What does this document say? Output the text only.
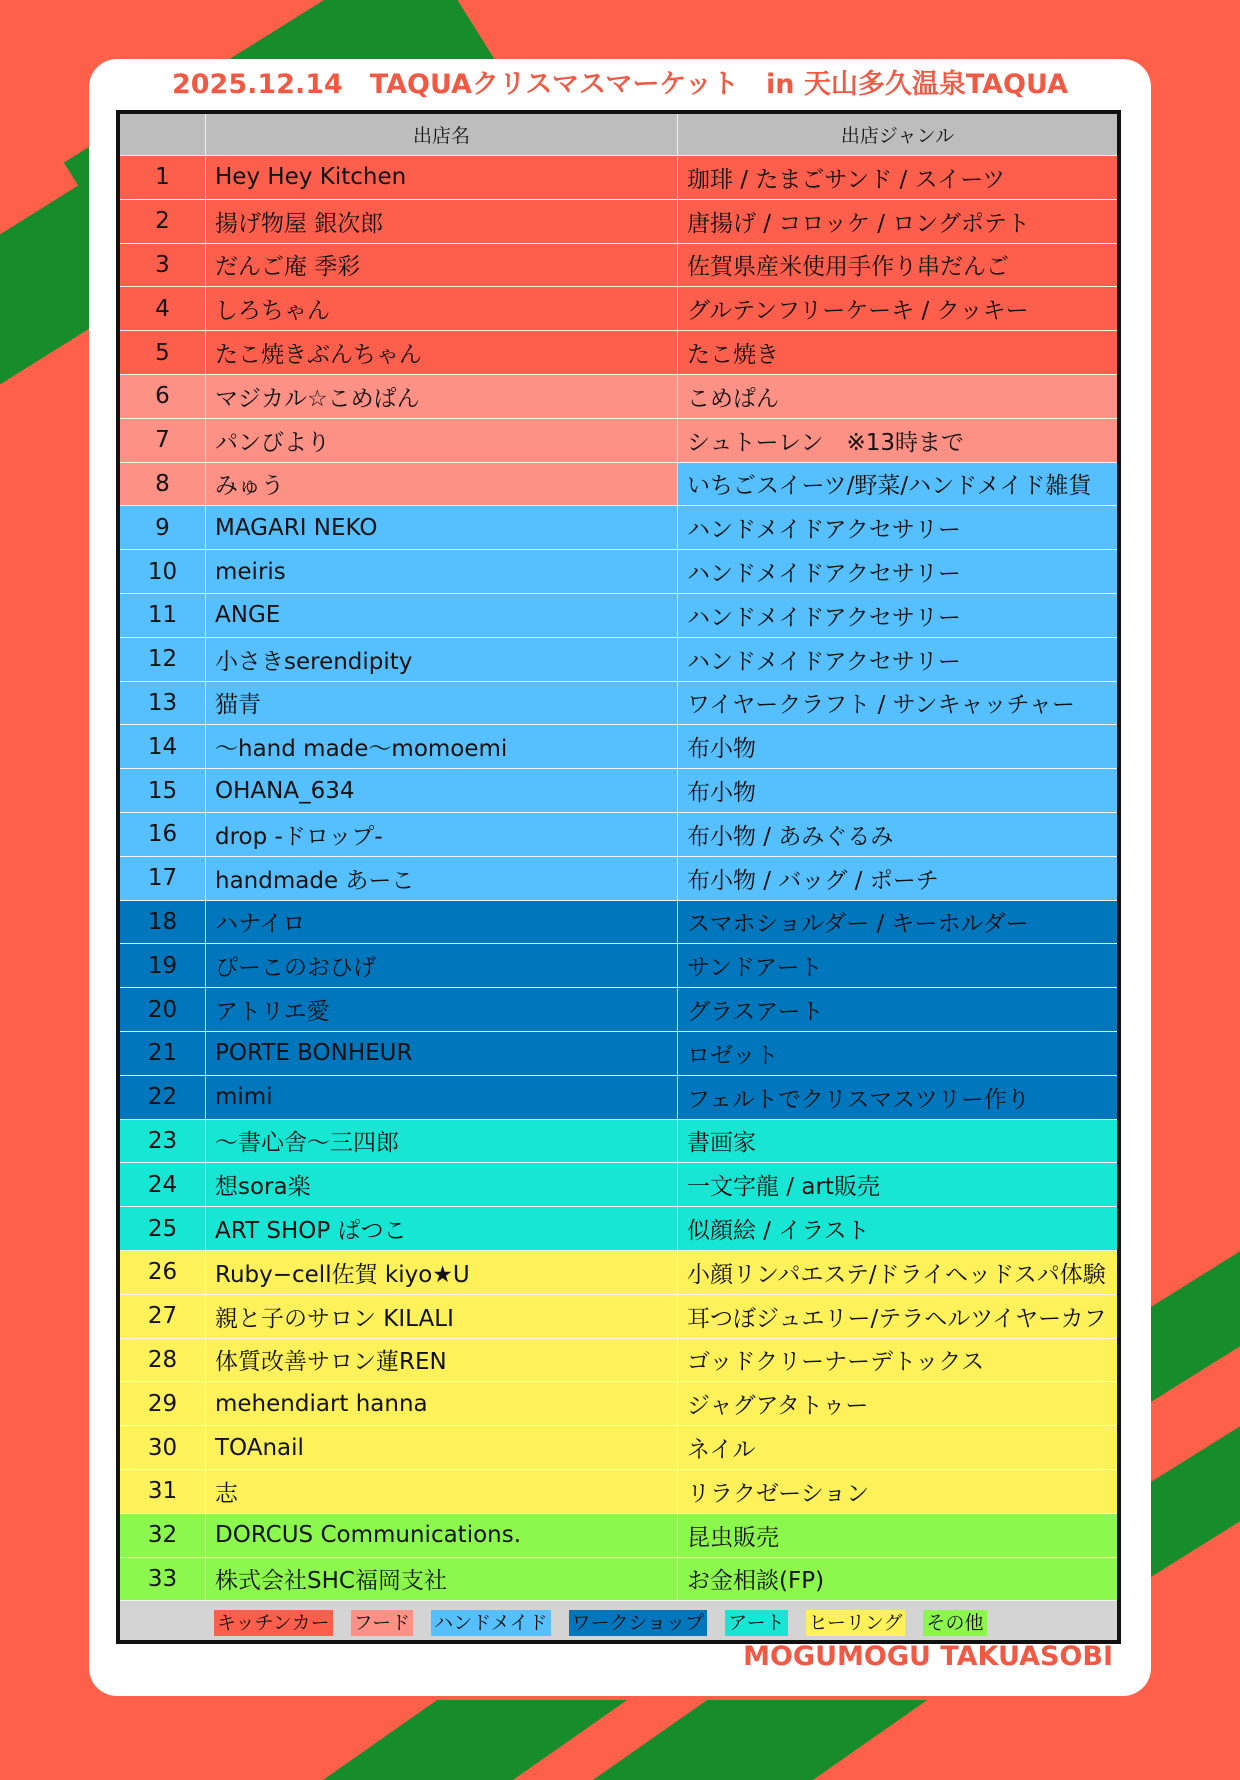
2025.12.14　TAQUAクリスマスマーケット　in 天山多久温泉TAQUA
出店名	出店ジャンル
1	Hey Hey Kitchen	珈琲 / たまごサンド / スイーツ
2	揚げ物屋 銀次郎	唐揚げ / コロッケ / ロングポテト
3	だんご庵 季彩	佐賀県産米使用手作り串だんご
4	しろちゃん	グルテンフリーケーキ / クッキー
5	たこ焼きぶんちゃん	たこ焼き
6	マジカル☆こめぱん	こめぱん
7	パンびより	シュトーレン　※13時まで
8	みゅう	いちごスイーツ/野菜/ハンドメイド雑貨
9	MAGARI NEKO	ハンドメイドアクセサリー
10	meiris	ハンドメイドアクセサリー
11	ANGE	ハンドメイドアクセサリー
12	小さきserendipity	ハンドメイドアクセサリー
13	猫青	ワイヤークラフト / サンキャッチャー
14	〜hand made〜momoemi	布小物
15	OHANA_634	布小物
16	drop -ドロップ-	布小物 / あみぐるみ
17	handmade あーこ	布小物 / バッグ / ポーチ
18	ハナイロ	スマホショルダー / キーホルダー
19	ぴーこのおひげ	サンドアート
20	アトリエ愛	グラスアート
21	PORTE BONHEUR	ロゼット
22	mimi	フェルトでクリスマスツリー作り
23	〜書心舎〜三四郎	書画家
24	想sora楽	一文字龍 / art販売
25	ART SHOP ぱつこ	似顔絵 / イラスト
26	Ruby−cell佐賀 kiyo★U	小顔リンパエステ/ドライヘッドスパ体験
27	親と子のサロン KILALI	耳つぼジュエリー/テラヘルツイヤーカフ
28	体質改善サロン蓮REN	ゴッドクリーナーデトックス
29	mehendiart hanna	ジャグアタトゥー
30	TOAnail	ネイル
31	志	リラクゼーション
32	DORCUS Communications.	昆虫販売
33	株式会社SHC福岡支社	お金相談(FP)
キッチンカー フード ハンドメイド ワークショップ アート ヒーリング その他
MOGUMOGU TAKUASOBI
